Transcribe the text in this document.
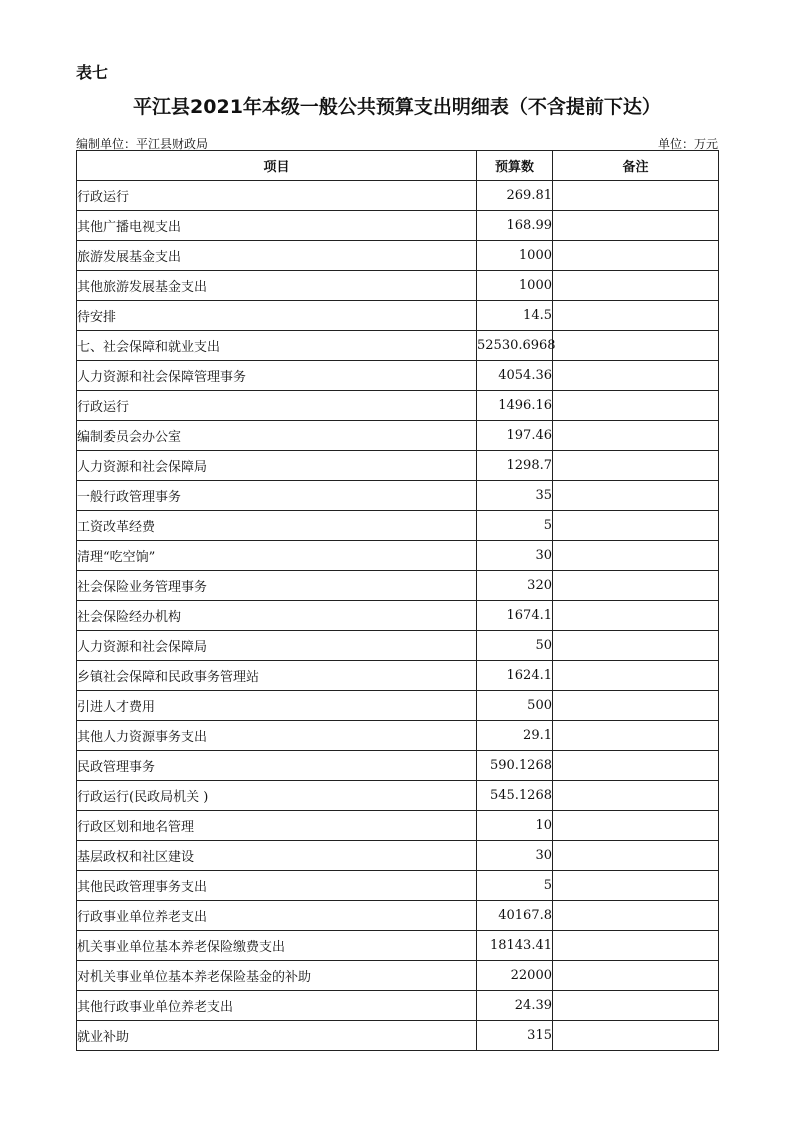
表七
平江县2021年本级一般公共预算支出明细表（不含提前下达）
编制单位：平江县财政局	单位：万元
项目	预算数	备注
行政运行	269.81	
其他广播电视支出	168.99	
旅游发展基金支出	1000	
其他旅游发展基金支出	1000	
待安排	14.5	
七、社会保障和就业支出	52530.6968	
人力资源和社会保障管理事务	4054.36	
行政运行	1496.16	
编制委员会办公室	197.46	
人力资源和社会保障局	1298.7	
一般行政管理事务	35	
工资改革经费	5	
清理“吃空饷”	30	
社会保险业务管理事务	320	
社会保险经办机构	1674.1	
人力资源和社会保障局	50	
乡镇社会保障和民政事务管理站	1624.1	
引进人才费用	500	
其他人力资源事务支出	29.1	
民政管理事务	590.1268	
行政运行(民政局机关 )	545.1268	
行政区划和地名管理	10	
基层政权和社区建设	30	
其他民政管理事务支出	5	
行政事业单位养老支出	40167.8	
机关事业单位基本养老保险缴费支出	18143.41	
对机关事业单位基本养老保险基金的补助	22000	
其他行政事业单位养老支出	24.39	
就业补助	315	
